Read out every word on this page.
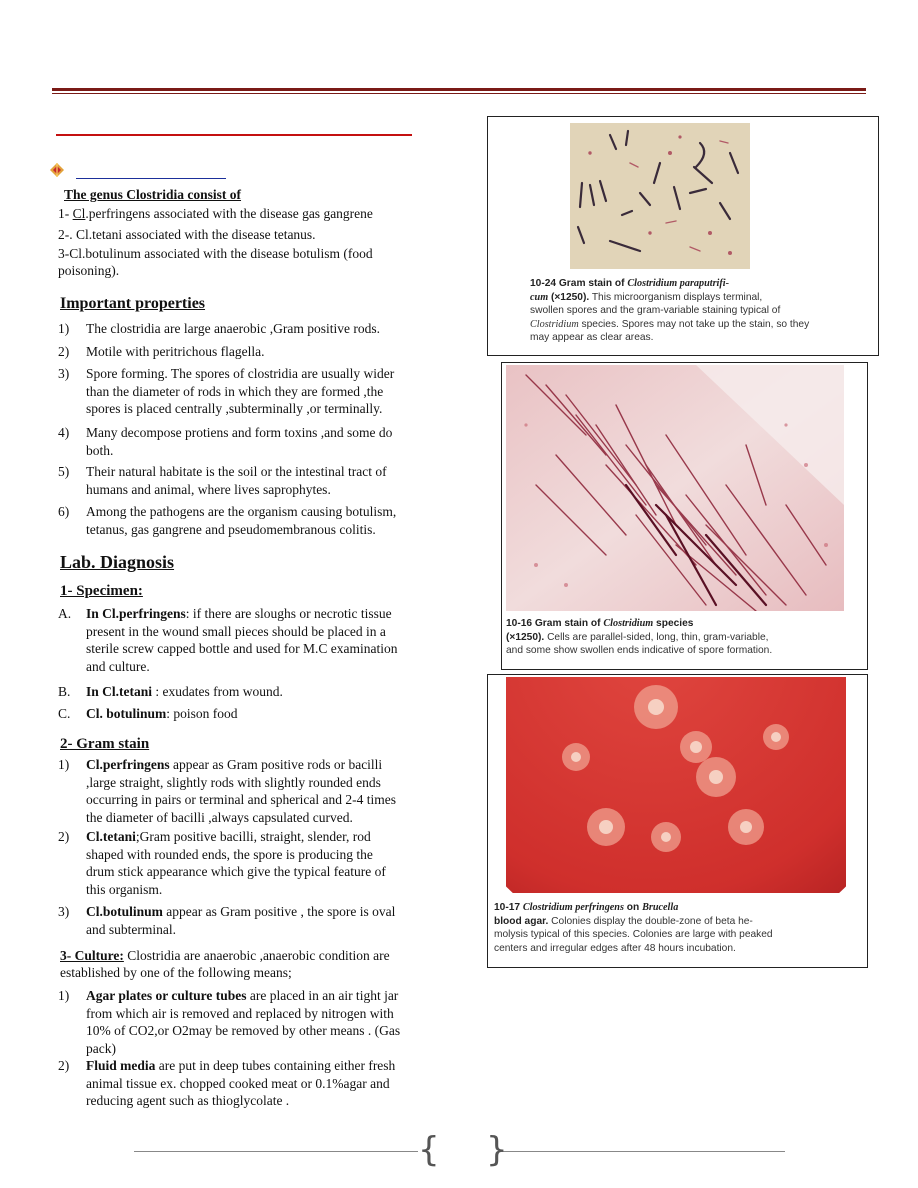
The genus Clostridia consist of
1- Cl.perfringens associated with the disease gas gangrene
2-. Cl.tetani associated with the disease tetanus.
3-Cl.botulinum associated with the disease botulism (food
poisoning).
Important properties
1) The clostridia are large anaerobic ,Gram positive rods.
2) Motile with peritrichous flagella.
3) Spore forming. The spores of clostridia are usually wider
than the diameter of rods in which they are formed ,the
spores is placed centrally ,subterminally ,or terminally.
4) Many decompose protiens and form toxins ,and some do
both.
5) Their natural habitate is the soil or the intestinal tract of
humans and animal, where lives saprophytes.
6) Among the pathogens are the organism causing botulism,
tetanus, gas gangrene and pseudomembranous colitis.
Lab. Diagnosis
1- Specimen:
A. In Cl.perfringens: if there are sloughs or necrotic tissue
present in the wound small pieces should be placed in a
sterile screw capped bottle and used for M.C examination
and culture.
B. In Cl.tetani : exudates from wound.
C. Cl. botulinum: poison food
2- Gram stain
1) Cl.perfringens appear as Gram positive rods or bacilli
,large straight, slightly rods with slightly rounded ends
occurring in pairs or terminal and spherical and 2-4 times
the diameter of bacilli ,always capsulated curved.
2) Cl.tetani;Gram positive bacilli, straight, slender, rod
shaped with rounded ends, the spore is producing the
drum stick appearance which give the typical feature of
this organism.
3) Cl.botulinum appear as Gram positive , the spore is oval
and subterminal.
3- Culture: Clostridia are anaerobic ,anaerobic condition are
established by one of the following means;
1) Agar plates or culture tubes are placed in an air tight jar
from which air is removed and replaced by nitrogen with
10% of CO2,or O2may be removed by other means . (Gas
pack)
2) Fluid media are put in deep tubes containing either fresh
animal tissue ex. chopped cooked meat or 0.1%agar and
reducing agent such as thioglycolate .
10-24 Gram stain of Clostridium paraputrifi-
cum (×1250). This microorganism displays terminal,
swollen spores and the gram-variable staining typical of
Clostridium species. Spores may not take up the stain, so they
may appear as clear areas.
10-16 Gram stain of Clostridium species
(×1250). Cells are parallel-sided, long, thin, gram-variable,
and some show swollen ends indicative of spore formation.
10-17 Clostridium perfringens on Brucella
blood agar. Colonies display the double-zone of beta he-
molysis typical of this species. Colonies are large with peaked
centers and irregular edges after 48 hours incubation.
{ }
